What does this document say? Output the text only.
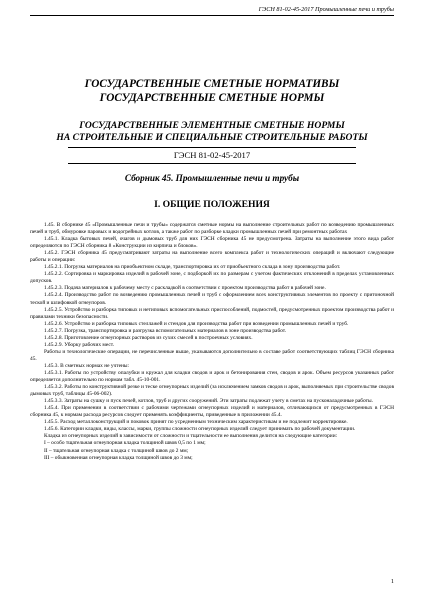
ГЭСН 81-02-45-2017 Промышленные печи и трубы
ГОСУДАРСТВЕННЫЕ СМЕТНЫЕ НОРМАТИВЫ
ГОСУДАРСТВЕННЫЕ СМЕТНЫЕ НОРМЫ
ГОСУДАРСТВЕННЫЕ ЭЛЕМЕНТНЫЕ СМЕТНЫЕ НОРМЫ
НА СТРОИТЕЛЬНЫЕ И СПЕЦИАЛЬНЫЕ СТРОИТЕЛЬНЫЕ РАБОТЫ
ГЭСН 81-02-45-2017
Сборник 45. Промышленные печи и трубы
I. ОБЩИЕ ПОЛОЖЕНИЯ

1.45. В сборнике 45 «Промышленные печи и трубы» содержатся сметные нормы на выполнение строительных работ по возведению промышленных печей и труб, обмуровке паровых и водогрейных котлов, а также работ по разборке кладки промышленных печей при ремонтных работах

1.45.1. Кладка бытовых печей, очагов и дымовых труб для них ГЭСН сборника 45 не предусмотрена. Затраты на выполнение этого вида работ определяются по ГЭСН сборника 8 «Конструкции из кирпича и блоков».

1.45.2. ГЭСН сборника 45 предусматривают затраты на выполнение всего комплекса работ и технологических операций и включают следующие работы и операции:

1.45.2.1. Погрузка материалов на приобъектном складе, транспортировка их от приобъектного склада в зону производства работ.

1.45.2.2. Сортировка и маркировка изделий в рабочей зоне, с подборкой их по размерам с учетом фактических отклонений в пределах установленных допусков.

1.45.2.3. Подача материалов к рабочему месту с раскладкой в соответствии с проектом производства работ в рабочей зоне.

1.45.2.4. Производство работ по возведению промышленных печей и труб с оформлением всех конструктивных элементов по проекту с притоночной теской и шлифовкой огнеупоров.

1.45.2.5. Устройство и разборка типовых и нетиповых вспомогательных приспособлений, подмостей, предусмотренных проектом производства работ и правилами техники безопасности.

1.45.2.6. Устройство и разборка типовых стеллажей и стендов для производства работ при возведении промышленных печей и труб.

1.45.2.7. Погрузка, транспортировка и разгрузка вспомогательных материалов в зоне производства работ.

1.45.2.8. Приготовление огнеупорных растворов из сухих смесей в построечных условиях.

1.45.2.9. Уборку рабочих мест.

Работы и технологические операции, не перечисленные выше, указываются дополнительно в составе работ соответствующих таблиц ГЭСН сборника 45.

1.45.3. В сметных нормах не учтены:

1.45.3.1. Работы по устройству опалубки и кружал для кладки сводов и арок и бетонирования стен, сводов и арок. Объем ресурсов указанных работ определяется дополнительно по нормам табл. 45-10-001.

1.45.3.2. Работы по конструктивной резке и теске огнеупорных изделий (за исключением замков сводов и арок, выполняемых при строительстве сводов дымовых труб, таблицы 45-06-002).

1.45.3.3. Затраты на сушку и пуск печей, котлов, труб и других сооружений. Эти затраты подлежат учету в сметах на пусконаладочные работы.

1.45.4. При применении в соответствии с рабочими чертежами огнеупорных изделий и материалов, отличающихся от предусмотренных в ГЭСН сборника 45, к нормам расхода ресурсов следует применять коэффициенты, приведенные в приложении 45.4.

1.45.5. Расход металлоконструкций и поковок принят по усредненным техническим характеристикам и не подлежит корректировке.

1.45.6. Категории кладки, виды, классы, марки, группы сложности огнеупорных изделий следует принимать по рабочей документации.

Кладка из огнеупорных изделий в зависимости от сложности и тщательности ее выполнения делится на следующие категории:

I – особо тщательная огнеупорная кладка толщиной швов 0,5 по 1 мм;

II – тщательная огнеупорная кладка с толщиной швов до 2 мм;

III – обыкновенная огнеупорная кладка толщиной швов до 3 мм;

1
